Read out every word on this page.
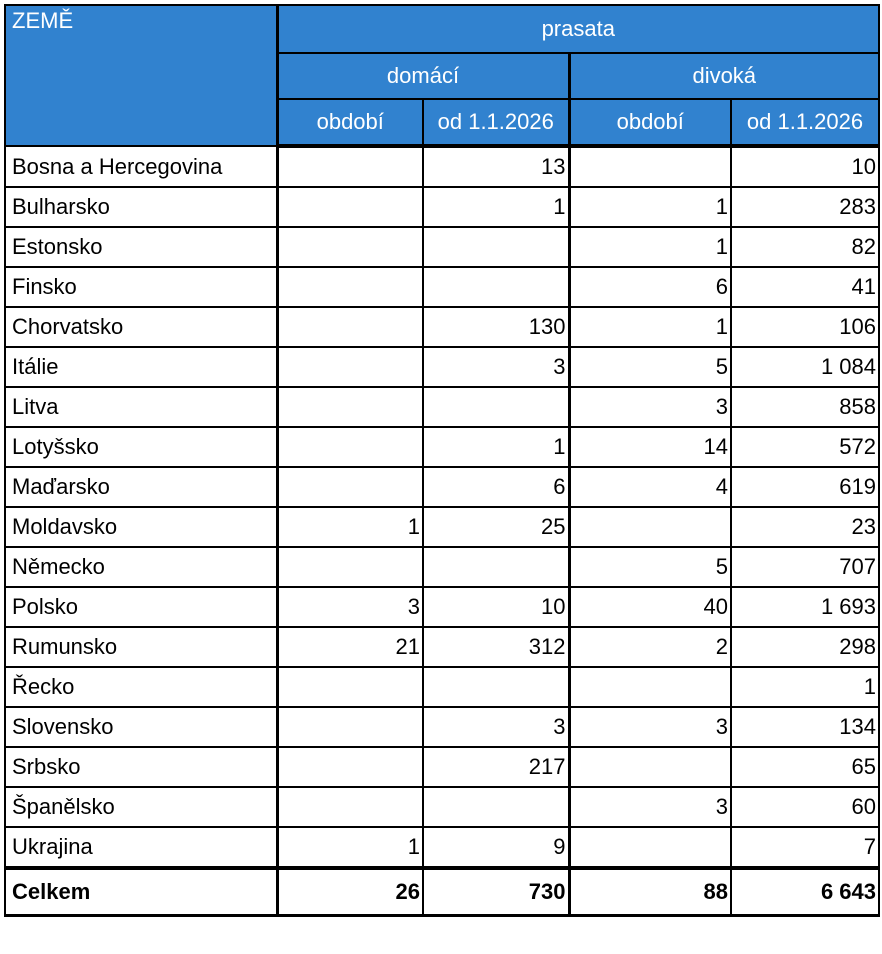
ZEMĚ	prasata			
	domácí		divoká	
	období	od 1.1.2026	období	od 1.1.2026
Bosna a Hercegovina		13		10
Bulharsko		1	1	283
Estonsko			1	82
Finsko			6	41
Chorvatsko		130	1	106
Itálie		3	5	1 084
Litva			3	858
Lotyšsko		1	14	572
Maďarsko		6	4	619
Moldavsko	1	25		23
Německo			5	707
Polsko	3	10	40	1 693
Rumunsko	21	312	2	298
Řecko				1
Slovensko		3	3	134
Srbsko		217		65
Španělsko			3	60
Ukrajina	1	9		7
Celkem	26	730	88	6 643
